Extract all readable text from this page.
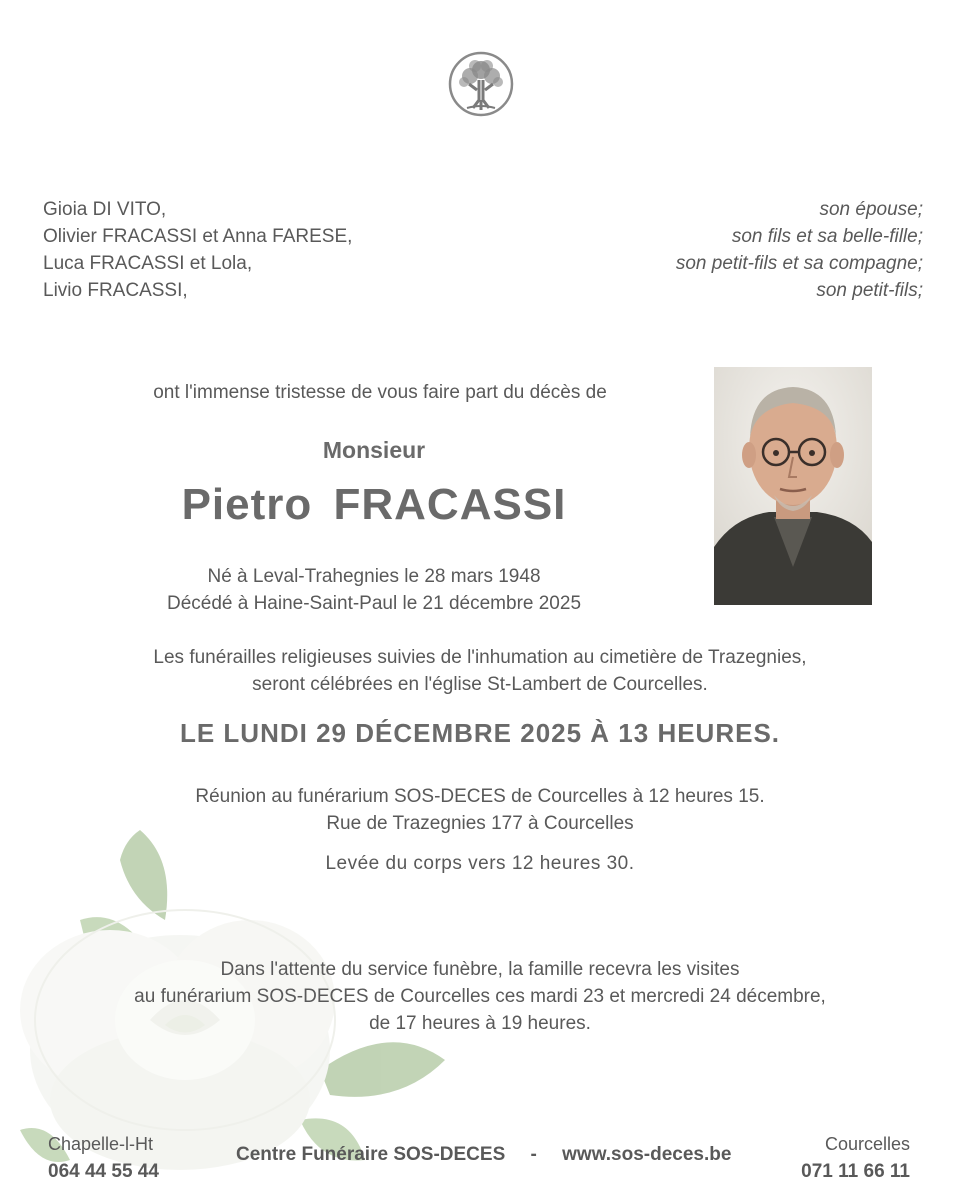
Gioia DI VITO,	son épouse;
Olivier FRACASSI et Anna FARESE,	son fils et sa belle-fille;
Luca FRACASSI et Lola,	son petit-fils et sa compagne;
Livio FRACASSI,	son petit-fils;
ont l'immense tristesse de vous faire part du décès de
Monsieur
Pietro FRACASSI
Né à Leval-Trahegnies le 28 mars 1948
Décédé à Haine-Saint-Paul le 21 décembre 2025
Les funérailles religieuses suivies de l'inhumation au cimetière de Trazegnies,
seront célébrées en l'église St-Lambert de Courcelles.
LE LUNDI 29 DÉCEMBRE 2025 À 13 HEURES.
Réunion au funérarium SOS-DECES de Courcelles à 12 heures 15.
Rue de Trazegnies 177 à Courcelles
Levée du corps vers 12 heures 30.
Dans l'attente du service funèbre, la famille recevra les visites
au funérarium SOS-DECES de Courcelles ces mardi 23 et mercredi 24 décembre,
de 17 heures à 19 heures.
Chapelle-l-Ht
064 44 55 44
Centre Funéraire SOS-DECES - www.sos-deces.be	Courcelles
071 11 66 11
